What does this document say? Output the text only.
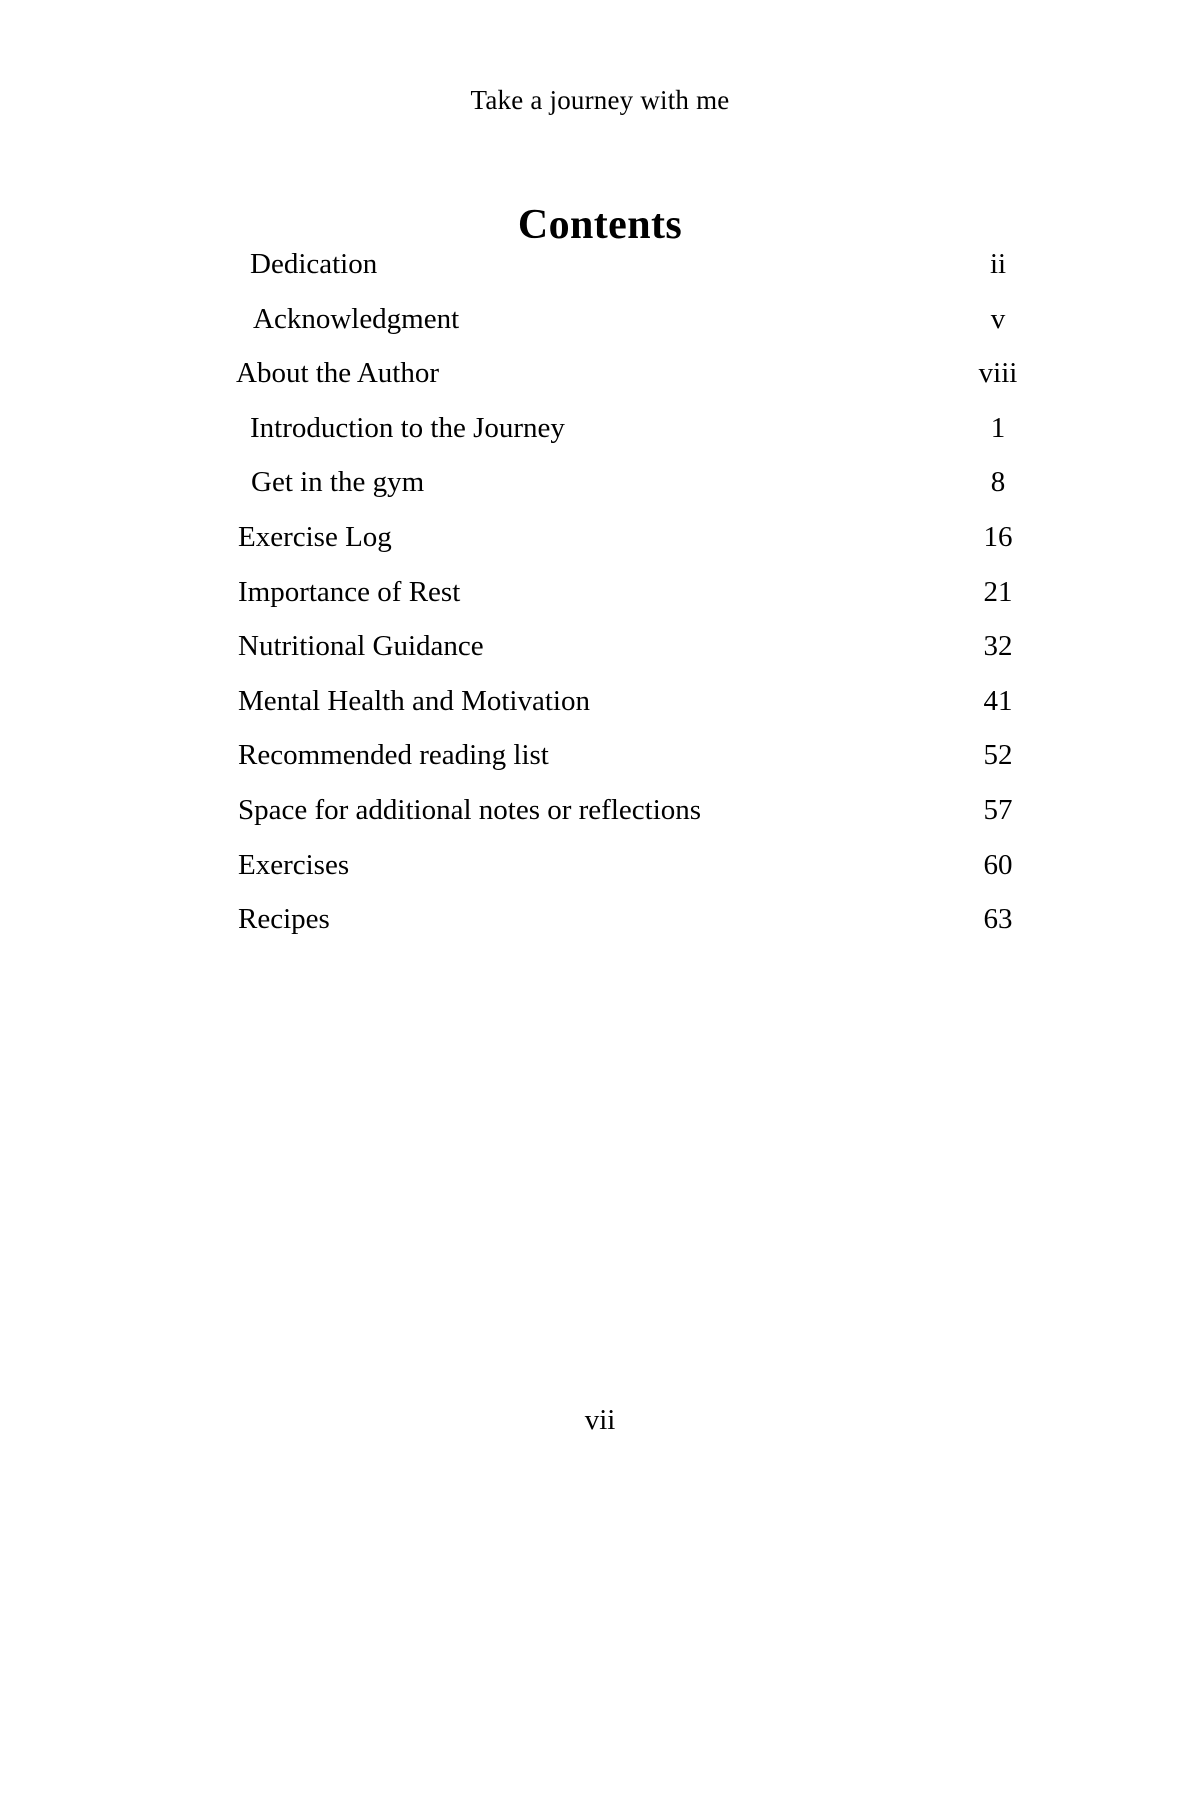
Take a journey with me
Contents
Dedication	ii
Acknowledgment	v
About the Author	viii
Introduction to the Journey	1
Get in the gym	8
Exercise Log	16
Importance of Rest	21
Nutritional Guidance	32
Mental Health and Motivation	41
Recommended reading list	52
Space for additional notes or reflections	57
Exercises	60
Recipes	63
vii
